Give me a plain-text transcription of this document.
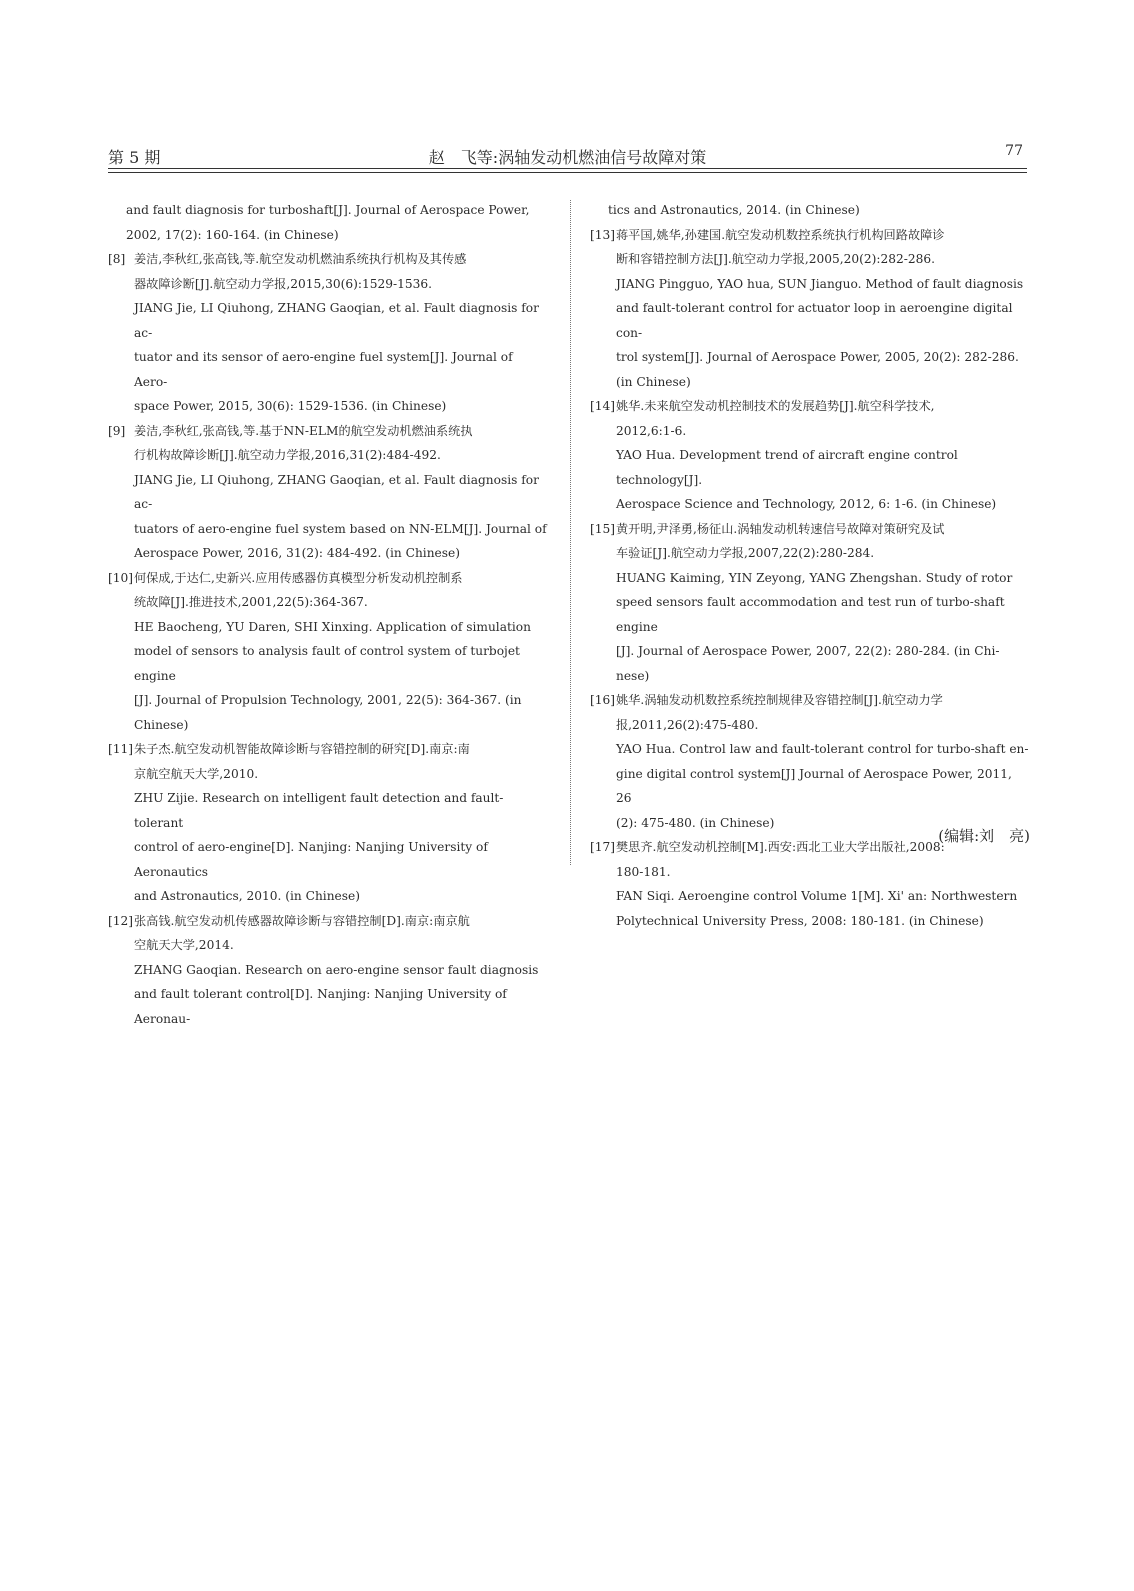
第 5 期	赵　飞等:涡轴发动机燃油信号故障对策	77
and fault diagnosis for turboshaft[J]. Journal of Aerospace Power,
2002, 17(2): 160-164. (in Chinese)
[8] 姜洁,李秋红,张高钱,等.航空发动机燃油系统执行机构及其传感
器故障诊断[J].航空动力学报,2015,30(6):1529-1536.
JIANG Jie, LI Qiuhong, ZHANG Gaoqian, et al. Fault diagnosis for ac-
tuator and its sensor of aero-engine fuel system[J]. Journal of Aero-
space Power, 2015, 30(6): 1529-1536. (in Chinese)
[9] 姜洁,李秋红,张高钱,等.基于NN-ELM的航空发动机燃油系统执
行机构故障诊断[J].航空动力学报,2016,31(2):484-492.
JIANG Jie, LI Qiuhong, ZHANG Gaoqian, et al. Fault diagnosis for ac-
tuators of aero-engine fuel system based on NN-ELM[J]. Journal of
Aerospace Power, 2016, 31(2): 484-492. (in Chinese)
[10] 何保成,于达仁,史新兴.应用传感器仿真模型分析发动机控制系
统故障[J].推进技术,2001,22(5):364-367.
HE Baocheng, YU Daren, SHI Xinxing. Application of simulation
model of sensors to analysis fault of control system of turbojet engine
[J]. Journal of Propulsion Technology, 2001, 22(5): 364-367. (in
Chinese)
[11] 朱子杰.航空发动机智能故障诊断与容错控制的研究[D].南京:南
京航空航天大学,2010.
ZHU Zijie. Research on intelligent fault detection and fault-tolerant
control of aero-engine[D]. Nanjing: Nanjing University of Aeronautics
and Astronautics, 2010. (in Chinese)
[12] 张高钱.航空发动机传感器故障诊断与容错控制[D].南京:南京航
空航天大学,2014.
ZHANG Gaoqian. Research on aero-engine sensor fault diagnosis
and fault tolerant control[D]. Nanjing: Nanjing University of Aeronau-
tics and Astronautics, 2014. (in Chinese)
[13] 蒋平国,姚华,孙建国.航空发动机数控系统执行机构回路故障诊
断和容错控制方法[J].航空动力学报,2005,20(2):282-286.
JIANG Pingguo, YAO hua, SUN Jianguo. Method of fault diagnosis
and fault-tolerant control for actuator loop in aeroengine digital con-
trol system[J]. Journal of Aerospace Power, 2005, 20(2): 282-286.
(in Chinese)
[14] 姚华.未来航空发动机控制技术的发展趋势[J].航空科学技术,
2012,6:1-6.
YAO Hua. Development trend of aircraft engine control technology[J].
Aerospace Science and Technology, 2012, 6: 1-6. (in Chinese)
[15] 黄开明,尹泽勇,杨征山.涡轴发动机转速信号故障对策研究及试
车验证[J].航空动力学报,2007,22(2):280-284.
HUANG Kaiming, YIN Zeyong, YANG Zhengshan. Study of rotor
speed sensors fault accommodation and test run of turbo-shaft engine
[J]. Journal of Aerospace Power, 2007, 22(2): 280-284. (in Chi-
nese)
[16] 姚华.涡轴发动机数控系统控制规律及容错控制[J].航空动力学
报,2011,26(2):475-480.
YAO Hua. Control law and fault-tolerant control for turbo-shaft en-
gine digital control system[J] Journal of Aerospace Power, 2011, 26
(2): 475-480. (in Chinese)
[17] 樊思齐.航空发动机控制[M].西安:西北工业大学出版社,2008:
180-181.
FAN Siqi. Aeroengine control Volume 1[M]. Xi' an: Northwestern
Polytechnical University Press, 2008: 180-181. (in Chinese)
(编辑:刘　亮)
